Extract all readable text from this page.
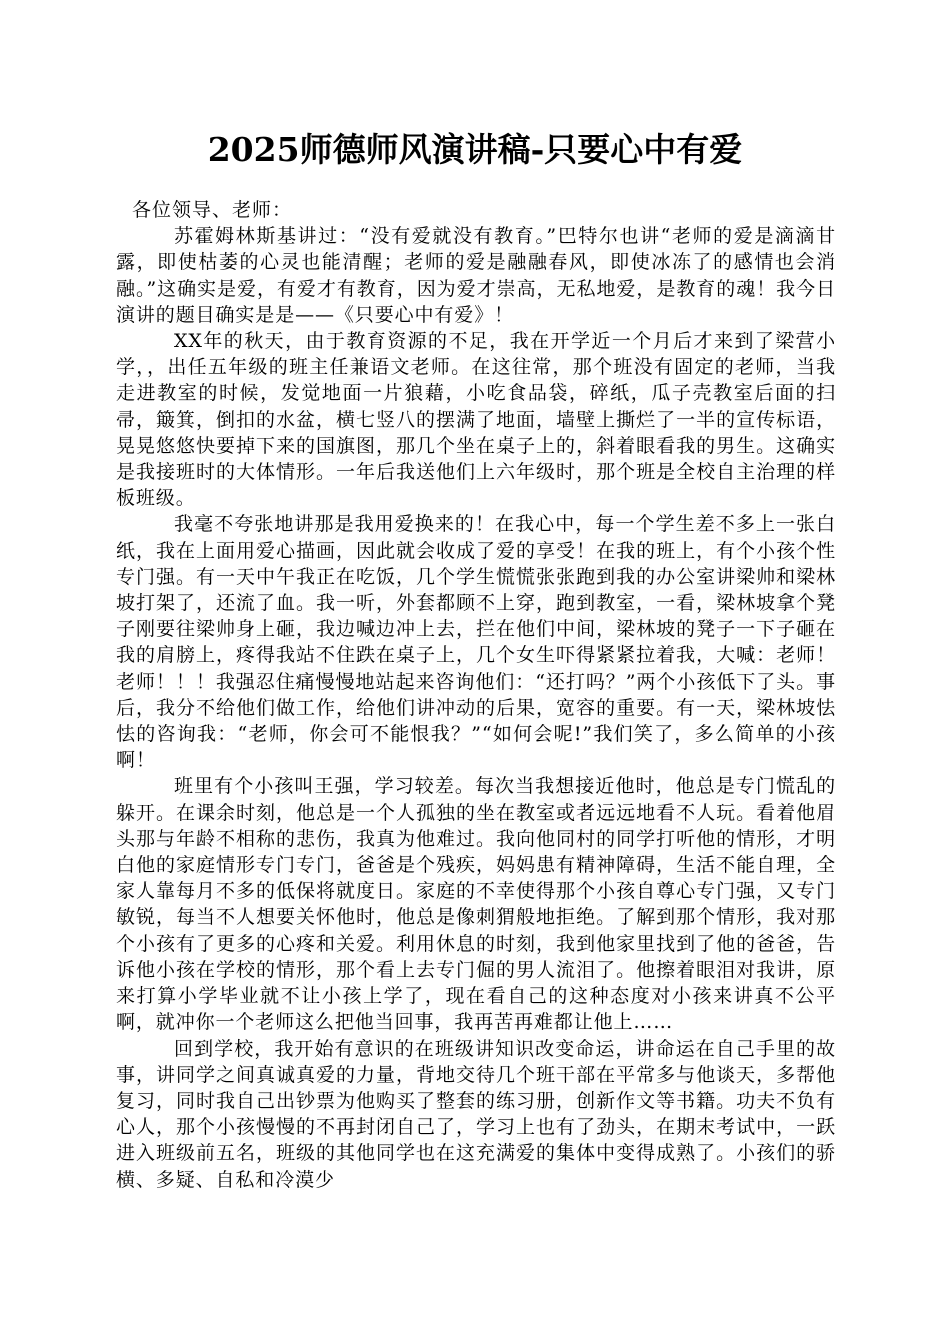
2025师德师风演讲稿-只要心中有爱

各位领导、老师：

苏霍姆林斯基讲过：“没有爱就没有教育。”巴特尔也讲“老师的爱是滴滴甘露，即使枯萎的心灵也能清醒；老师的爱是融融春风，即使冰冻了的感情也会消融。”这确实是爱，有爱才有教育，因为爱才崇高，无私地爱，是教育的魂！我今日演讲的题目确实是是——《只要心中有爱》！

XX年的秋天，由于教育资源的不足，我在开学近一个月后才来到了梁营小学，，出任五年级的班主任兼语文老师。在这往常，那个班没有固定的老师，当我走进教室的时候，发觉地面一片狼藉，小吃食品袋，碎纸，瓜子壳教室后面的扫帚，簸箕，倒扣的水盆，横七竖八的摆满了地面，墙壁上撕烂了一半的宣传标语，晃晃悠悠快要掉下来的国旗图，那几个坐在桌子上的，斜着眼看我的男生。这确实是我接班时的大体情形。一年后我送他们上六年级时，那个班是全校自主治理的样板班级。

我毫不夸张地讲那是我用爱换来的！在我心中，每一个学生差不多上一张白纸，我在上面用爱心描画，因此就会收成了爱的享受！在我的班上，有个小孩个性专门强。有一天中午我正在吃饭，几个学生慌慌张张跑到我的办公室讲梁帅和梁林坡打架了，还流了血。我一听，外套都顾不上穿，跑到教室，一看，梁林坡拿个凳子刚要往梁帅身上砸，我边喊边冲上去，拦在他们中间，梁林坡的凳子一下子砸在我的肩膀上，疼得我站不住跌在桌子上，几个女生吓得紧紧拉着我，大喊：老师！老师！！！我强忍住痛慢慢地站起来咨询他们：“还打吗？”两个小孩低下了头。事后，我分不给他们做工作，给他们讲冲动的后果，宽容的重要。有一天，梁林坡怯怯的咨询我：“老师，你会可不能恨我？”“如何会呢!”我们笑了，多么简单的小孩啊！

班里有个小孩叫王强，学习较差。每次当我想接近他时，他总是专门慌乱的躲开。在课余时刻，他总是一个人孤独的坐在教室或者远远地看不人玩。看着他眉头那与年龄不相称的悲伤，我真为他难过。我向他同村的同学打听他的情形，才明白他的家庭情形专门专门，爸爸是个残疾，妈妈患有精神障碍，生活不能自理，全家人靠每月不多的低保将就度日。家庭的不幸使得那个小孩自尊心专门强，又专门敏锐，每当不人想要关怀他时，他总是像刺猬般地拒绝。了解到那个情形，我对那个小孩有了更多的心疼和关爱。利用休息的时刻，我到他家里找到了他的爸爸，告诉他小孩在学校的情形，那个看上去专门倔的男人流泪了。他擦着眼泪对我讲，原来打算小学毕业就不让小孩上学了，现在看自己的这种态度对小孩来讲真不公平啊，就冲你一个老师这么把他当回事，我再苦再难都让他上……

回到学校，我开始有意识的在班级讲知识改变命运，讲命运在自己手里的故事，讲同学之间真诚真爱的力量，背地交待几个班干部在平常多与他谈天，多帮他复习，同时我自己出钞票为他购买了整套的练习册，创新作文等书籍。功夫不负有心人，那个小孩慢慢的不再封闭自己了，学习上也有了劲头，在期末考试中，一跃进入班级前五名，班级的其他同学也在这充满爱的集体中变得成熟了。小孩们的骄横、多疑、自私和冷漠少
